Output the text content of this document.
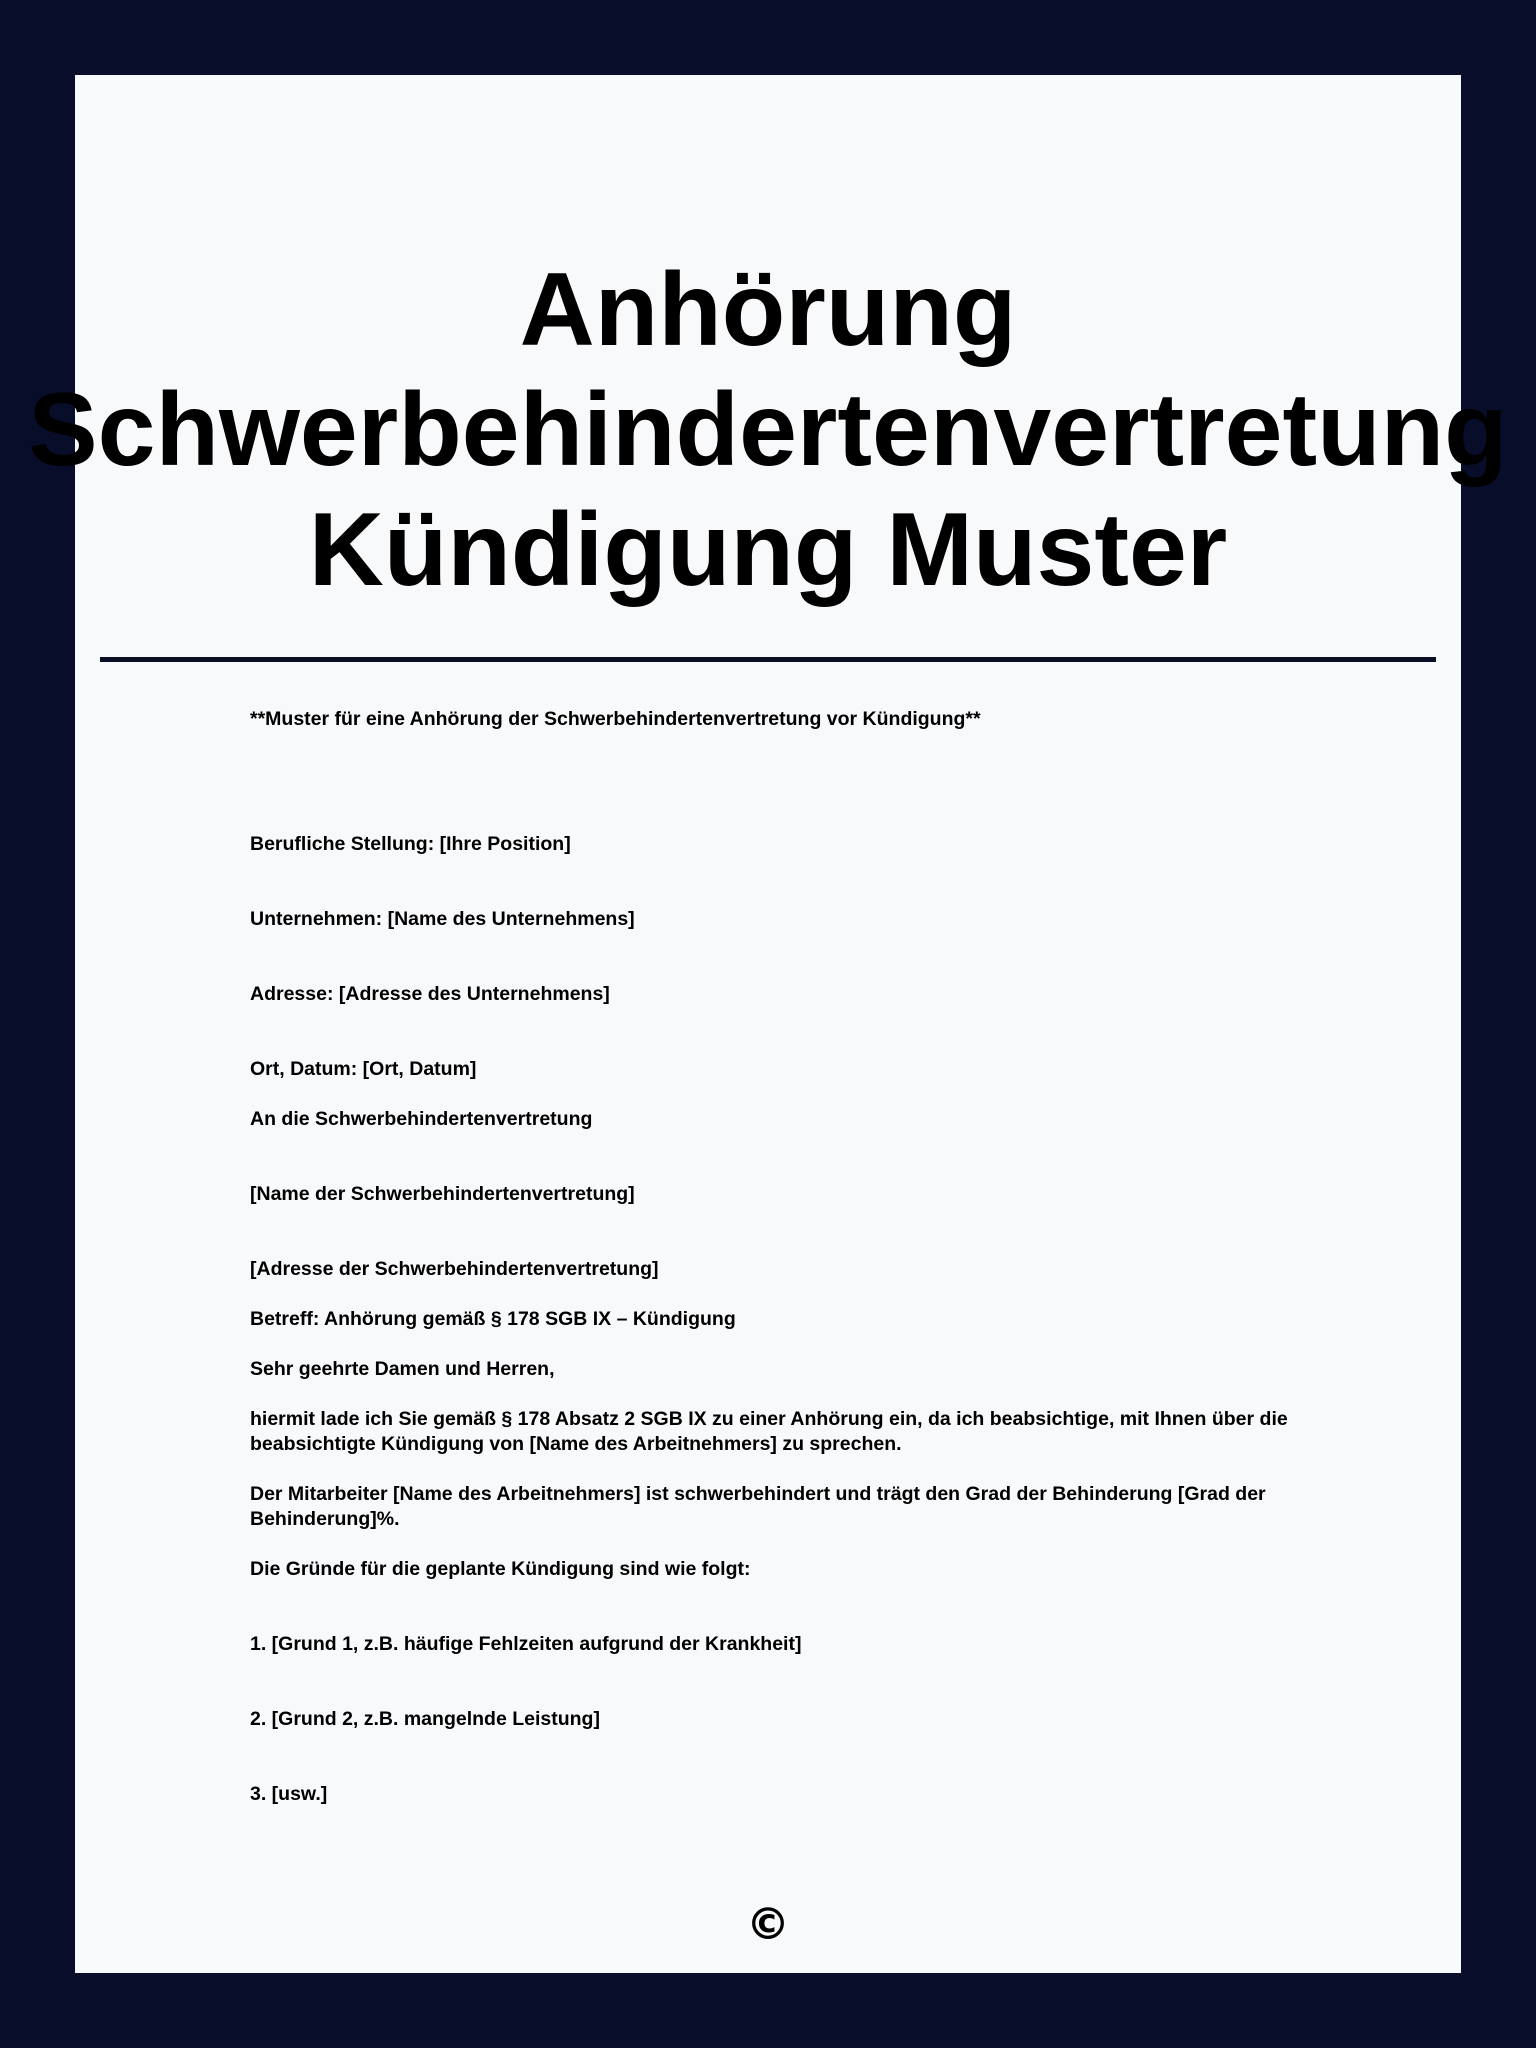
Anhörung
Schwerbehindertenvertretung
Kündigung Muster

**Muster für eine Anhörung der Schwerbehindertenvertretung vor Kündigung**

Berufliche Stellung: [Ihre Position]

Unternehmen: [Name des Unternehmens]

Adresse: [Adresse des Unternehmens]

Ort, Datum: [Ort, Datum]

An die Schwerbehindertenvertretung

[Name der Schwerbehindertenvertretung]

[Adresse der Schwerbehindertenvertretung]

Betreff: Anhörung gemäß § 178 SGB IX – Kündigung

Sehr geehrte Damen und Herren,

hiermit lade ich Sie gemäß § 178 Absatz 2 SGB IX zu einer Anhörung ein, da ich beabsichtige, mit Ihnen über die beabsichtigte Kündigung von [Name des Arbeitnehmers] zu sprechen.

Der Mitarbeiter [Name des Arbeitnehmers] ist schwerbehindert und trägt den Grad der Behinderung [Grad der Behinderung]%.

Die Gründe für die geplante Kündigung sind wie folgt:

1. [Grund 1, z.B. häufige Fehlzeiten aufgrund der Krankheit]

2. [Grund 2, z.B. mangelnde Leistung]

3. [usw.]

©
